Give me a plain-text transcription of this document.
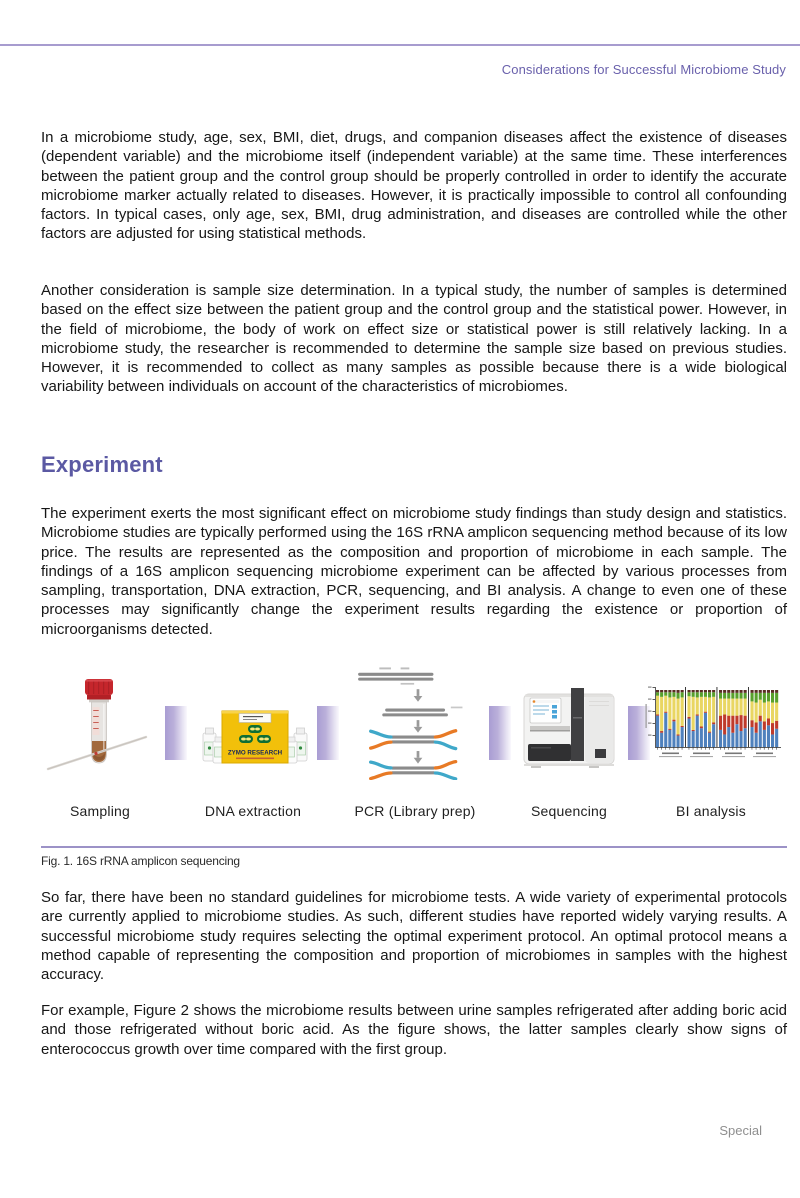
Considerations for Successful Microbiome Study

In a microbiome study, age, sex, BMI, diet, drugs, and companion diseases affect the existence of diseases (dependent variable) and the microbiome itself (independent variable) at the same time. These interferences between the patient group and the control group should be properly controlled in order to identify the accurate microbiome marker actually related to diseases. However, it is practically impossible to control all confounding factors. In typical cases, only age, sex, BMI, drug administration, and diseases are controlled while the other factors are adjusted for using statistical methods.

Another consideration is sample size determination. In a typical study, the number of samples is determined based on the effect size between the patient group and the control group and the statistical power. However, in the field of microbiome, the body of work on effect size or statistical power is still relatively lacking. In a microbiome study, the researcher is recommended to determine the sample size based on previous studies. However, it is recommended to collect as many samples as possible because there is a wide biological variability between individuals on account of the characteristics of microbiomes.

Experiment

The experiment exerts the most significant effect on microbiome study findings than study design and statistics. Microbiome studies are typically performed using the 16S rRNA amplicon sequencing method because of its low price. The results are represented as the composition and proportion of microbiome in each sample. The findings of a 16S amplicon sequencing microbiome experiment can be affected by various processes from sampling, transportation, DNA extraction, PCR, sequencing, and BI analysis. A change to even one of these processes may significantly change the experiment results regarding the existence or proportion of microorganisms detected.

ZYMO RESEARCH
Sampling	DNA extraction	PCR (Library prep)	Sequencing	BI analysis
Fig. 1. 16S rRNA amplicon sequencing

So far, there have been no standard guidelines for microbiome tests. A wide variety of experimental protocols are currently applied to microbiome studies. As such, different studies have reported widely varying results. A successful microbiome study requires selecting the optimal experiment protocol. An optimal protocol means a method capable of representing the composition and proportion of microbiomes in samples with the highest accuracy.

For example, Figure 2 shows the microbiome results between urine samples refrigerated after adding boric acid and those refrigerated without boric acid. As the figure shows, the latter samples clearly show signs of enterococcus growth over time compared with the first group.

Special
